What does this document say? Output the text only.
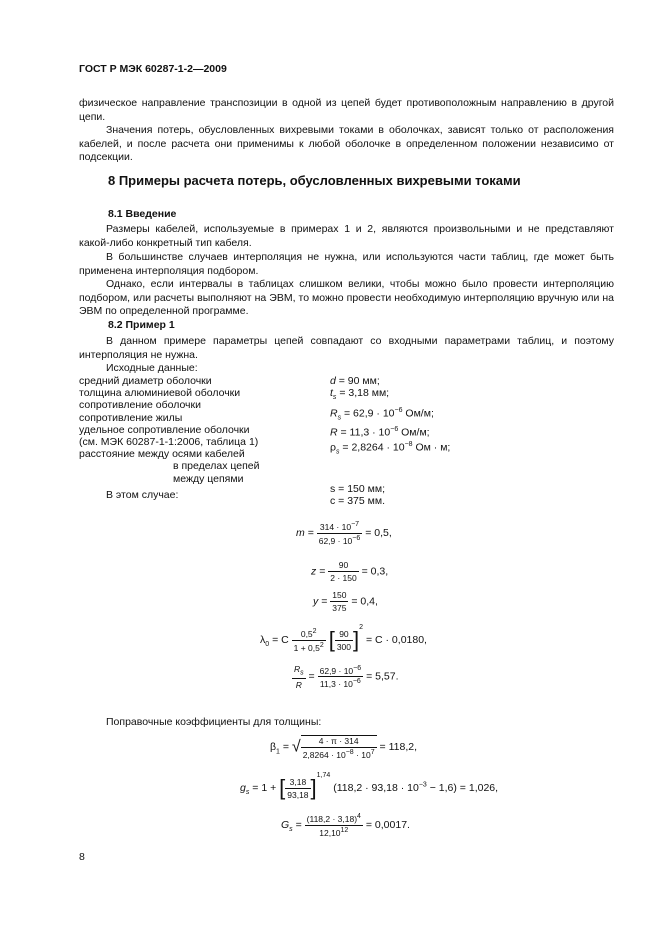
ГОСТ Р МЭК 60287-1-2—2009
физическое направление транспозиции в одной из цепей будет противоположным направлению в другой цепи.
Значения потерь, обусловленных вихревыми токами в оболочках, зависят только от расположения кабелей, и после расчета они применимы к любой оболочке в определенном положении независимо от подсекции.
8 Примеры расчета потерь, обусловленных вихревыми токами
8.1 Введение
Размеры кабелей, используемые в примерах 1 и 2, являются произвольными и не представляют какой-либо конкретный тип кабеля.
В большинстве случаев интерполяция не нужна, или используются части таблиц, где может быть применена интерполяция подбором.
Однако, если интервалы в таблицах слишком велики, чтобы можно было провести интерполяцию подбором, или расчеты выполняют на ЭВМ, то можно провести необходимую интерполяцию вручную или на ЭВМ по определенной программе.
8.2 Пример 1
В данном примере параметры цепей совпадают со входными параметрами таблиц, и поэтому интерполяция не нужна.
Исходные данные:
средний диаметр оболочки
толщина алюминиевой оболочки
сопротивление оболочки
сопротивление жилы
удельное сопротивление оболочки
(см. МЭК 60287-1-1:2006, таблица 1)
расстояние между осями кабелей
в пределах цепей
между цепями
d = 90 мм;
$t_s = 3,18$ мм;
$R_s = 62,9 \cdot 10^{-6}$ Ом/м;
$R = 11,3 \cdot 10^{-6}$ Ом/м;
$\rho_s = 2,8264 \cdot 10^{-8}$ Ом · м;

s = 150 мм;
c = 375 мм.
В этом случае:
$m = \frac{314 \cdot 10^{-7}}{62,9 \cdot 10^{-6}} = 0,5$,
$z = \frac{90}{2 \cdot 150} = 0,3$,
$y = \frac{150}{375} = 0,4$,
$\lambda_0 = C \frac{0,5^2}{1 + 0,5^2}$ [ $\frac{90}{300} ]^2 = C \cdot 0,0180$,
$\frac{R_s}{R} = \frac{62,9 \cdot 10^{-6}}{11,3 \cdot 10^{-6}} = 5,57$.
Поправочные коэффициенты для толщины:
$\beta_1$ = √ $\frac{4 \cdot \pi \cdot 314}{2,8264 \cdot 10^{-8} \cdot 10^7} = 118,2$,
$g_s = 1$ + [ $\frac{3,18}{93,18} ]^{1,74}$ $(118,2 \cdot 93,18 \cdot 10^{-3} - 1,6) = 1,026$,
$G_s = \frac{(118,2 \cdot 3,18)^4}{12,10^{12}} = 0,0017$.
8
